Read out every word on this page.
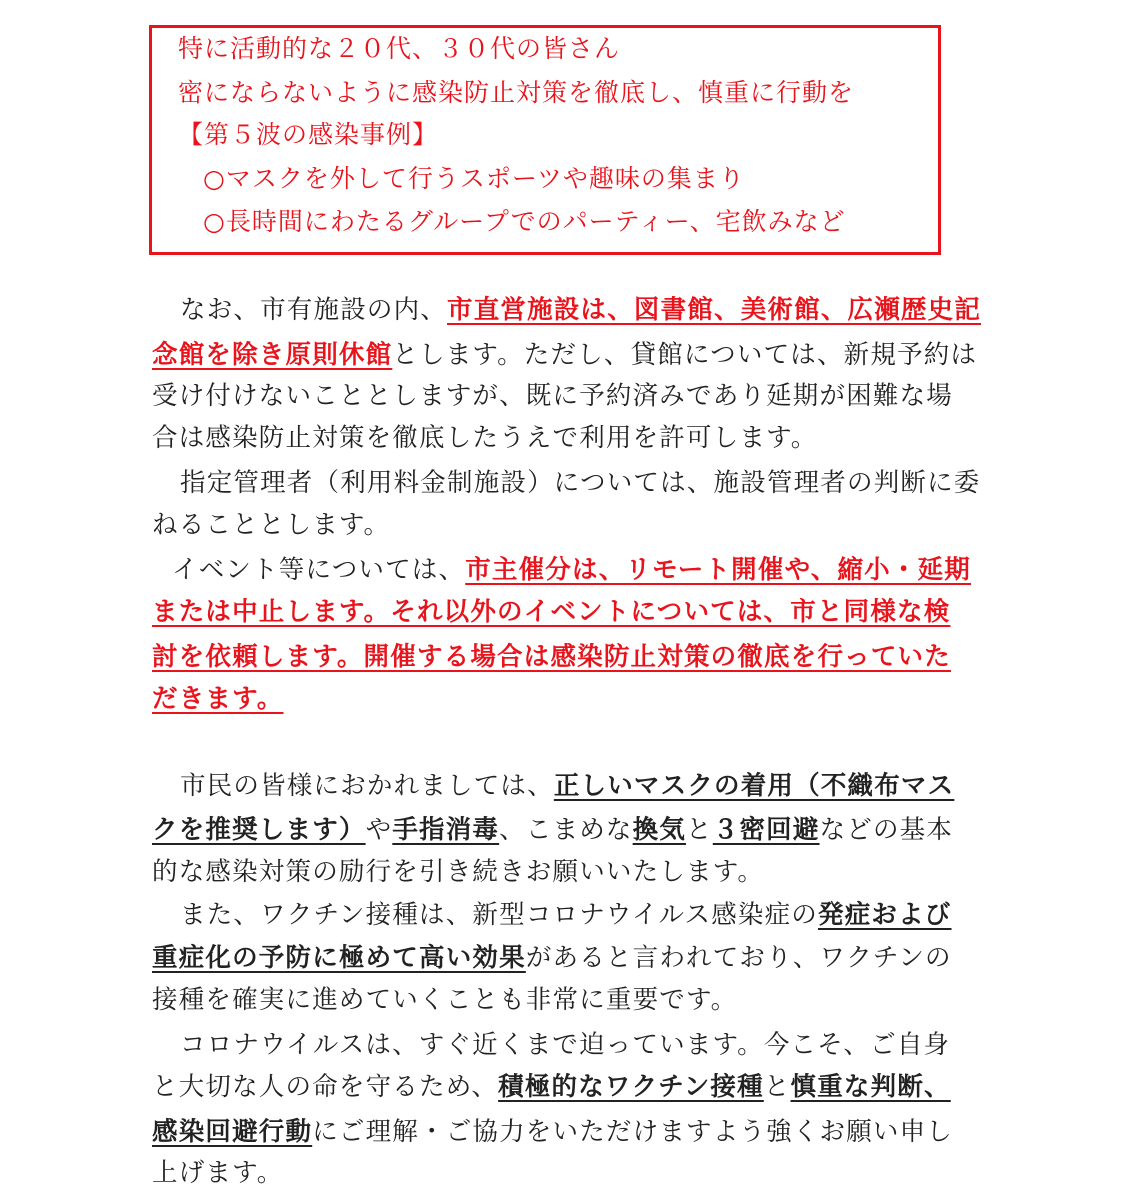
特に活動的な２０代、３０代の皆さん
密にならないように感染防止対策を徹底し、慎重に行動を
【第５波の感染事例】
○マスクを外して行うスポーツや趣味の集まり
○長時間にわたるグループでのパーティー、宅飲みなど
なお、市有施設の内、市直営施設は、図書館、美術館、広瀬歴史記
念館を除き原則休館とします。ただし、貸館については、新規予約は
受け付けないこととしますが、既に予約済みであり延期が困難な場
合は感染防止対策を徹底したうえで利用を許可します。
指定管理者（利用料金制施設）については、施設管理者の判断に委
ねることとします。
イベント等については、市主催分は、リモート開催や、縮小・延期
または中止します。それ以外のイベントについては、市と同様な検
討を依頼します。開催する場合は感染防止対策の徹底を行っていた
だきます。
市民の皆様におかれましては、正しいマスクの着用（不織布マス
クを推奨します）や手指消毒、こまめな換気と３密回避などの基本
的な感染対策の励行を引き続きお願いいたします。
また、ワクチン接種は、新型コロナウイルス感染症の発症および
重症化の予防に極めて高い効果があると言われており、ワクチンの
接種を確実に進めていくことも非常に重要です。
コロナウイルスは、すぐ近くまで迫っています。今こそ、ご自身
と大切な人の命を守るため、積極的なワクチン接種と慎重な判断、
感染回避行動にご理解・ご協力をいただけますよう強くお願い申し
上げます。
